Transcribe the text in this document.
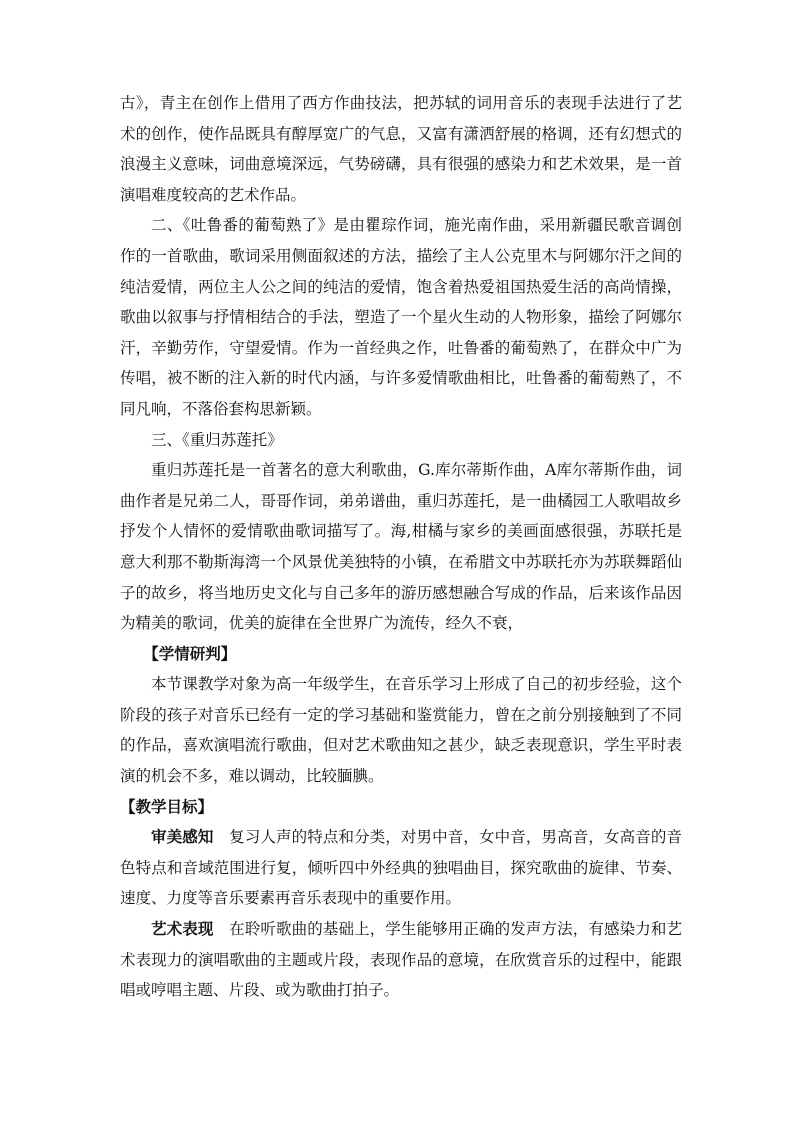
古》，青主在创作上借用了西方作曲技法，把苏轼的词用音乐的表现手法进行了艺术的创作，使作品既具有醇厚宽广的气息，又富有潇洒舒展的格调，还有幻想式的浪漫主义意味，词曲意境深远，气势磅礴，具有很强的感染力和艺术效果，是一首演唱难度较高的艺术作品。

二、《吐鲁番的葡萄熟了》是由瞿琮作词，施光南作曲，采用新疆民歌音调创作的一首歌曲，歌词采用侧面叙述的方法，描绘了主人公克里木与阿娜尔汗之间的纯洁爱情，两位主人公之间的纯洁的爱情，饱含着热爱祖国热爱生活的高尚情操，歌曲以叙事与抒情相结合的手法，塑造了一个星火生动的人物形象，描绘了阿娜尔汗，辛勤劳作，守望爱情。作为一首经典之作，吐鲁番的葡萄熟了，在群众中广为传唱，被不断的注入新的时代内涵，与许多爱情歌曲相比，吐鲁番的葡萄熟了，不同凡响，不落俗套构思新颖。

三、《重归苏莲托》

重归苏莲托是一首著名的意大利歌曲，G.库尔蒂斯作曲，A库尔蒂斯作曲，词曲作者是兄弟二人，哥哥作词，弟弟谱曲，重归苏莲托，是一曲橘园工人歌唱故乡抒发个人情怀的爱情歌曲歌词描写了。海,柑橘与家乡的美画面感很强，苏联托是意大利那不勒斯海湾一个风景优美独特的小镇，在希腊文中苏联托亦为苏联舞蹈仙子的故乡，将当地历史文化与自己多年的游历感想融合写成的作品，后来该作品因为精美的歌词，优美的旋律在全世界广为流传，经久不衰，

【学情研判】

本节课教学对象为高一年级学生，在音乐学习上形成了自己的初步经验，这个阶段的孩子对音乐已经有一定的学习基础和鉴赏能力，曾在之前分别接触到了不同的作品，喜欢演唱流行歌曲，但对艺术歌曲知之甚少，缺乏表现意识，学生平时表演的机会不多，难以调动，比较腼腆。

【教学目标】

审美感知　 复习人声的特点和分类，对男中音，女中音，男高音，女高音的音色特点和音域范围进行复，倾听四中外经典的独唱曲目，探究歌曲的旋律、节奏、速度、力度等音乐要素再音乐表现中的重要作用。

艺术表现　 在聆听歌曲的基础上，学生能够用正确的发声方法，有感染力和艺术表现力的演唱歌曲的主题或片段，表现作品的意境，在欣赏音乐的过程中，能跟唱或哼唱主题、片段、或为歌曲打拍子。
